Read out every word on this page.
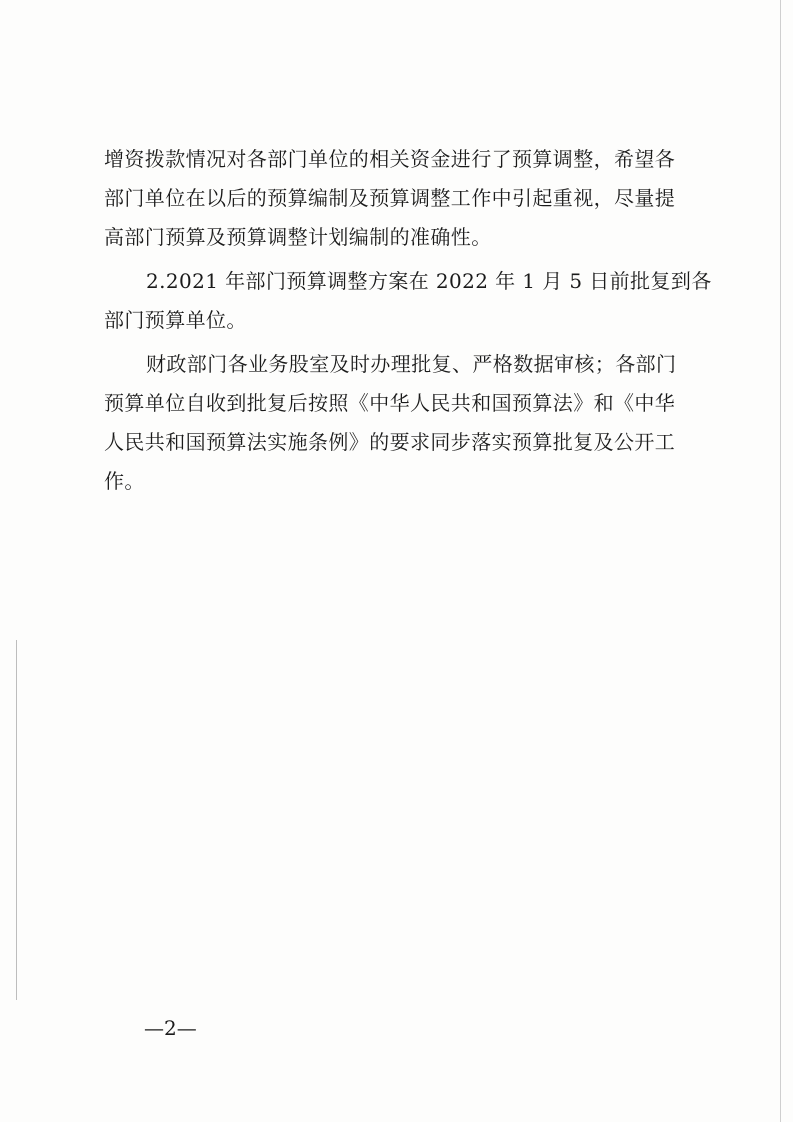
增资拨款情况对各部门单位的相关资金进行了预算调整，希望各
部门单位在以后的预算编制及预算调整工作中引起重视，尽量提
高部门预算及预算调整计划编制的准确性。
2.2021 年部门预算调整方案在 2022 年 1 月 5 日前批复到各
部门预算单位。
财政部门各业务股室及时办理批复、严格数据审核；各部门
预算单位自收到批复后按照《中华人民共和国预算法》和《中华
人民共和国预算法实施条例》的要求同步落实预算批复及公开工
作。
—2—
